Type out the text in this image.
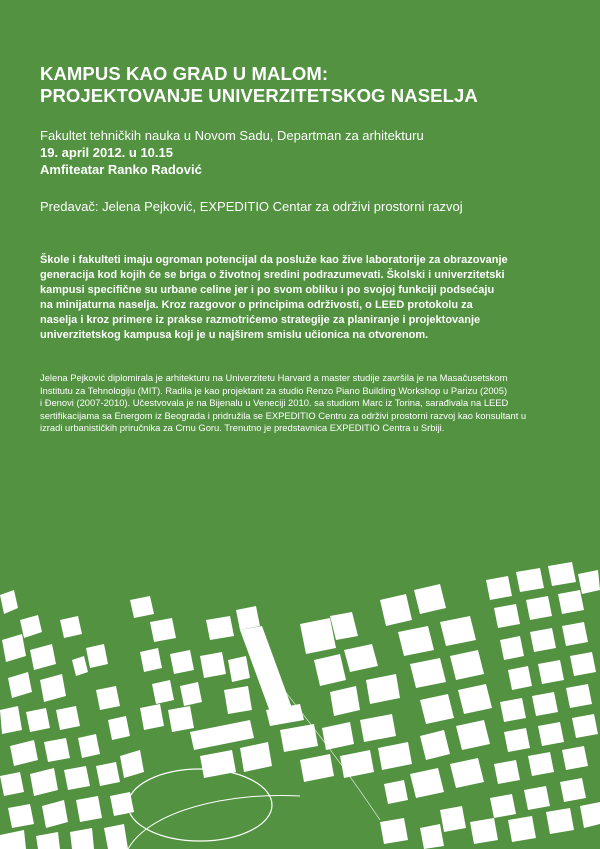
KAMPUS KAO GRAD U MALOM:
PROJEKTOVANJE UNIVERZITETSKOG NASELJA
Fakultet tehničkih nauka u Novom Sadu, Departman za arhitekturu
19. april 2012. u 10.15
Amfiteatar Ranko Radović
Predavač: Jelena Pejković, EXPEDITIO Centar za održivi prostorni razvoj
Škole i fakulteti imaju ogroman potencijal da posluže kao žive laboratorije za obrazovanje
generacija kod kojih će se briga o životnoj sredini podrazumevati. Školski i univerzitetski
kampusi specifične su urbane celine jer i po svom obliku i po svojoj funkciji podsećaju
na minijaturna naselja. Kroz razgovor o principima održivosti, o LEED protokolu za
naselja i kroz primere iz prakse razmotrićemo strategije za planiranje i projektovanje
univerzitetskog kampusa koji je u najširem smislu učionica na otvorenom.
Jelena Pejković diplomirala je arhitekturu na Univerzitetu Harvard a master studije završila je na Masačusetskom
Institutu za Tehnologiju (MIT). Radila je kao projektant za studio Renzo Piano Building Workshop u Parizu (2005)
i Đenovi (2007-2010). Učestvovala je na Bijenalu u Veneciji 2010. sa studiom Marc iz Torina, sarađivala na LEED
sertifikacijama sa Energom iz Beograda i pridružila se EXPEDITIO Centru za održivi prostorni razvoj kao konsultant u
izradi urbanističkih priručnika za Crnu Goru. Trenutno je predstavnica EXPEDITIO Centra u Srbiji.
